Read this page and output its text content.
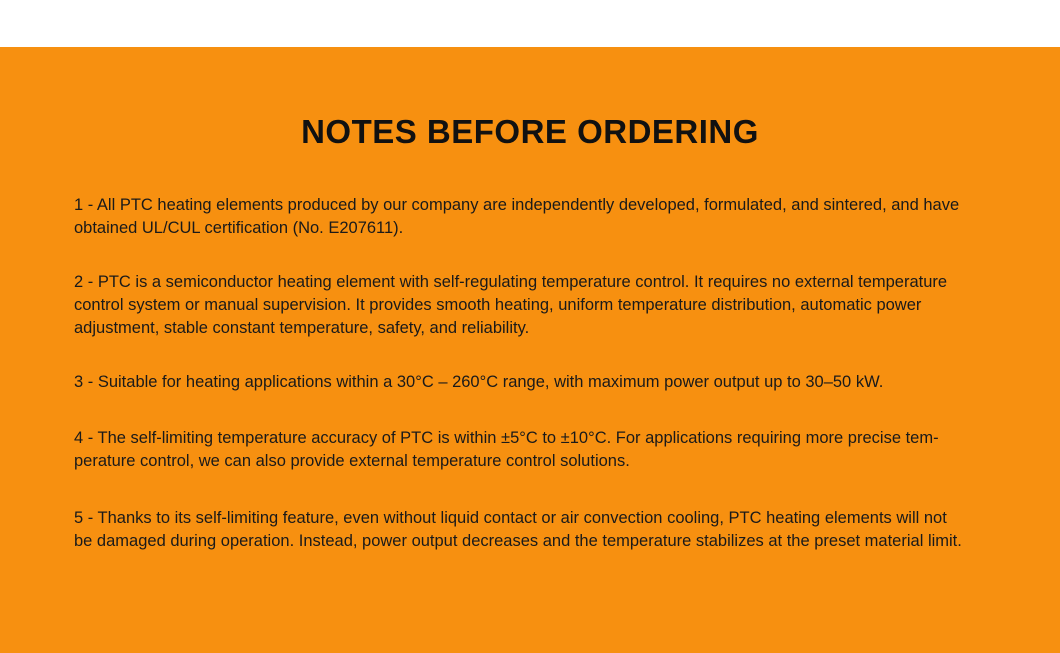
NOTES BEFORE ORDERING
1 - All PTC heating elements produced by our company are independently developed, formulated, and sintered, and have obtained UL/CUL certification (No. E207611).
2 - PTC is a semiconductor heating element with self-regulating temperature control. It requires no external temperature control system or manual supervision. It provides smooth heating, uniform temperature distribution, automatic power adjustment, stable constant temperature, safety, and reliability.
3 - Suitable for heating applications within a 30°C – 260°C range, with maximum power output up to 30–50 kW.
4 - The self-limiting temperature accuracy of PTC is within ±5°C to ±10°C. For applications requiring more precise tem-perature control, we can also provide external temperature control solutions.
5 - Thanks to its self-limiting feature, even without liquid contact or air convection cooling, PTC heating elements will not be damaged during operation. Instead, power output decreases and the temperature stabilizes at the preset material limit.
